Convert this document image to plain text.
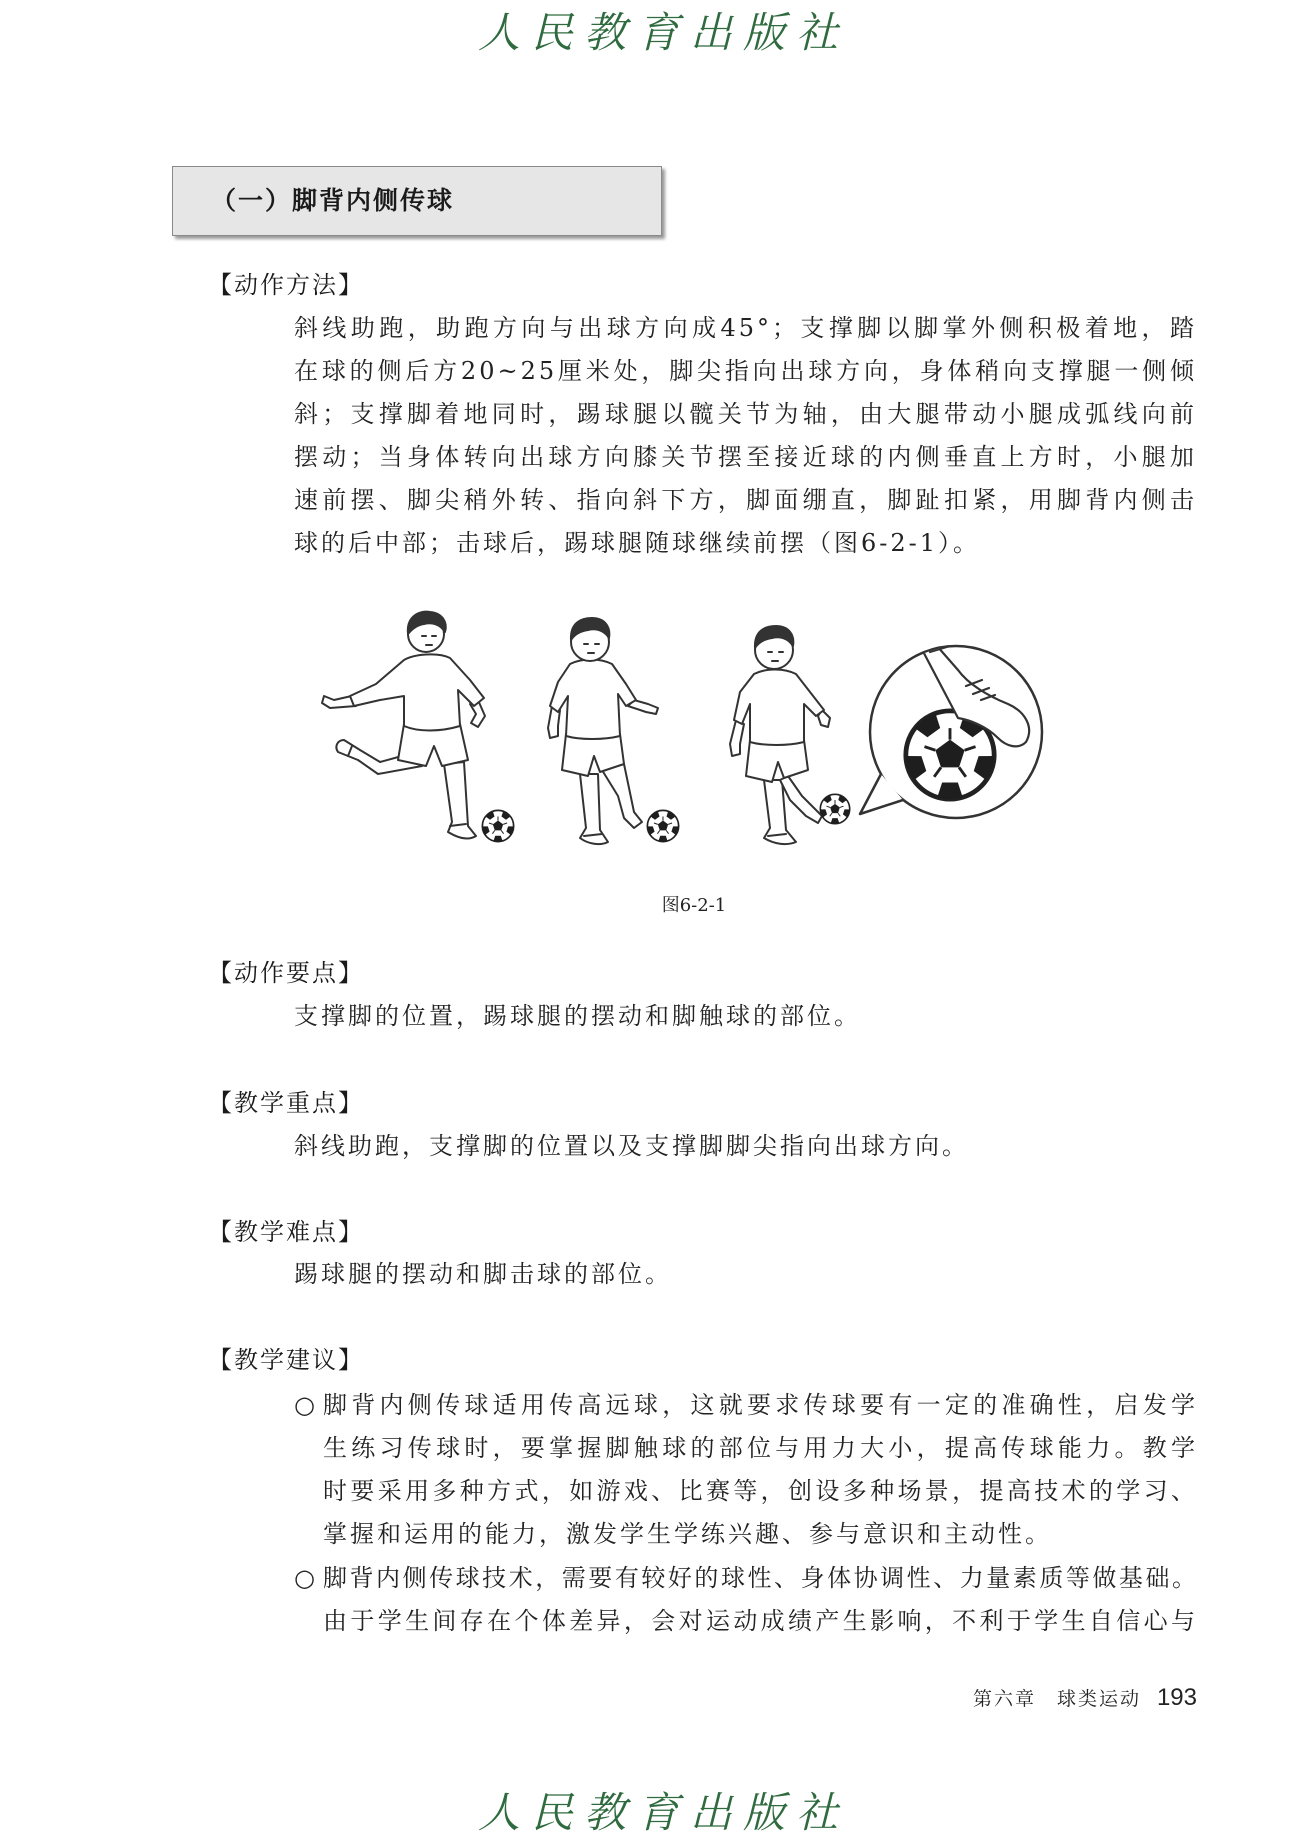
人民教育出版社
（一）脚背内侧传球
【动作方法】
斜线助跑，助跑方向与出球方向成45°；支撑脚以脚掌外侧积极着地，踏
在球的侧后方20~25厘米处，脚尖指向出球方向，身体稍向支撑腿一侧倾
斜；支撑脚着地同时，踢球腿以髋关节为轴，由大腿带动小腿成弧线向前
摆动；当身体转向出球方向膝关节摆至接近球的内侧垂直上方时，小腿加
速前摆、脚尖稍外转、指向斜下方，脚面绷直，脚趾扣紧，用脚背内侧击
球的后中部；击球后，踢球腿随球继续前摆（图6-2-1）。
图6-2-1
【动作要点】
支撑脚的位置，踢球腿的摆动和脚触球的部位。
【教学重点】
斜线助跑，支撑脚的位置以及支撑脚脚尖指向出球方向。
【教学难点】
踢球腿的摆动和脚击球的部位。
【教学建议】
○ 脚背内侧传球适用传高远球，这就要求传球要有一定的准确性，启发学
生练习传球时，要掌握脚触球的部位与用力大小，提高传球能力。教学
时要采用多种方式，如游戏、比赛等，创设多种场景，提高技术的学习、
掌握和运用的能力，激发学生学练兴趣、参与意识和主动性。
○ 脚背内侧传球技术，需要有较好的球性、身体协调性、力量素质等做基础。
由于学生间存在个体差异，会对运动成绩产生影响，不利于学生自信心与
第六章　球类运动 193
人民教育出版社
